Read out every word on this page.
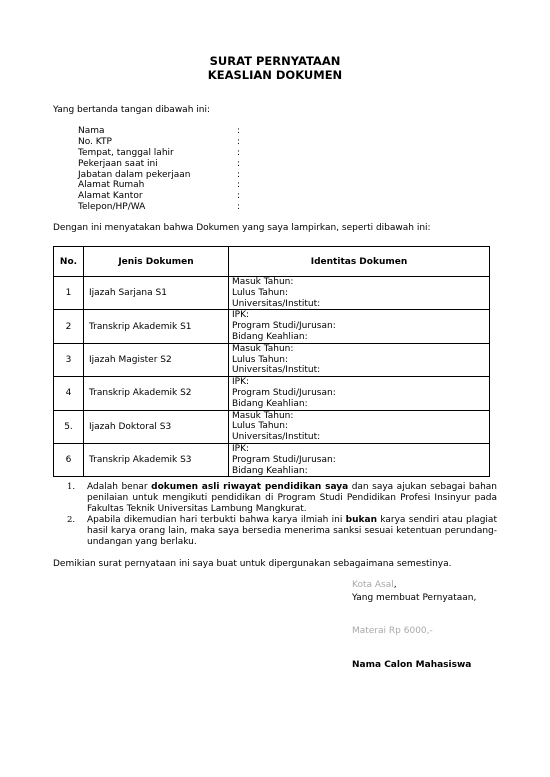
SURAT PERNYATAAN
KEASLIAN DOKUMEN
Yang bertanda tangan dibawah ini:
Nama	:
No. KTP	:
Tempat, tanggal lahir	:
Pekerjaan saat ini	:
Jabatan dalam pekerjaan	:
Alamat Rumah	:
Alamat Kantor	:
Telepon/HP/WA	:
Dengan ini menyatakan bahwa Dokumen yang saya lampirkan, seperti dibawah ini:
No.	Jenis Dokumen	Identitas Dokumen
1	Ijazah Sarjana S1	Masuk Tahun:
Lulus Tahun:
Universitas/Institut:

2	Transkrip Akademik S1	IPK:
Program Studi/Jurusan:
Bidang Keahlian:

3	Ijazah Magister S2	Masuk Tahun:
Lulus Tahun:
Universitas/Institut:

4	Transkrip Akademik S2	IPK:
Program Studi/Jurusan:
Bidang Keahlian:

5.	Ijazah Doktoral S3	Masuk Tahun:
Lulus Tahun:
Universitas/Institut:

6	Transkrip Akademik S3	IPK:
Program Studi/Jurusan:
Bidang Keahlian:
1.	Adalah benar dokumen asli riwayat pendidikan saya dan saya ajukan sebagai bahan penilaian untuk mengikuti pendidikan di Program Studi Pendidikan Profesi Insinyur pada Fakultas Teknik Universitas Lambung Mangkurat.
2.	Apabila dikemudian hari terbukti bahwa karya ilmiah ini bukan karya sendiri atau plagiat hasil karya orang lain, maka saya bersedia menerima sanksi sesuai ketentuan perundang-undangan yang berlaku.
Demikian surat pernyataan ini saya buat untuk dipergunakan sebagaimana semestinya.
Kota Asal,
Yang membuat Pernyataan,
Materai Rp 6000,-
Nama Calon Mahasiswa
